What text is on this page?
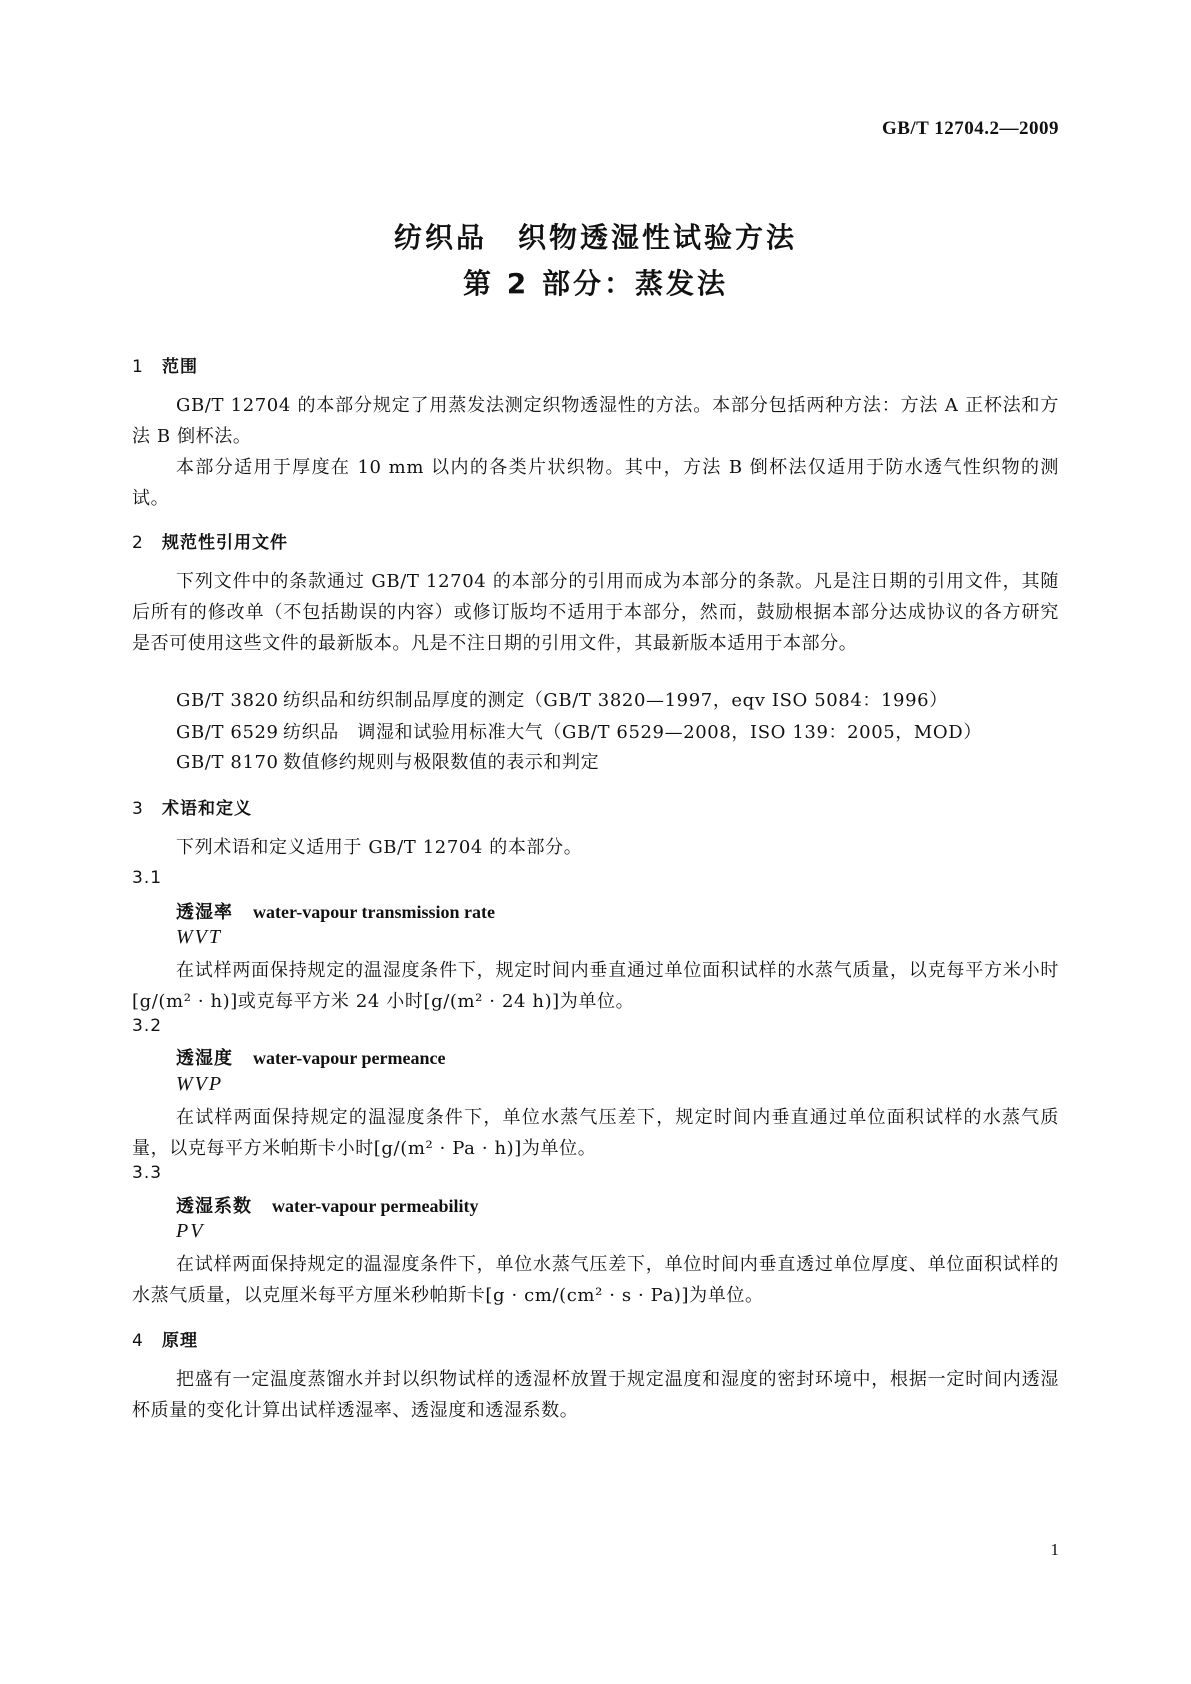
GB/T 12704.2—2009
纺织品　织物透湿性试验方法
第 2 部分：蒸发法
1 范围
GB/T 12704 的本部分规定了用蒸发法测定织物透湿性的方法。本部分包括两种方法：方法 A 正杯法和方法 B 倒杯法。
本部分适用于厚度在 10 mm 以内的各类片状织物。其中，方法 B 倒杯法仅适用于防水透气性织物的测试。
2 规范性引用文件
下列文件中的条款通过 GB/T 12704 的本部分的引用而成为本部分的条款。凡是注日期的引用文件，其随后所有的修改单（不包括勘误的内容）或修订版均不适用于本部分，然而，鼓励根据本部分达成协议的各方研究是否可使用这些文件的最新版本。凡是不注日期的引用文件，其最新版本适用于本部分。
GB/T 3820 纺织品和纺织制品厚度的测定（GB/T 3820—1997，eqv ISO 5084：1996）
GB/T 6529 纺织品　调湿和试验用标准大气（GB/T 6529—2008，ISO 139：2005，MOD）
GB/T 8170 数值修约规则与极限数值的表示和判定
3 术语和定义
下列术语和定义适用于 GB/T 12704 的本部分。
3.1
透湿率 water-vapour transmission rate
WVT
在试样两面保持规定的温湿度条件下，规定时间内垂直通过单位面积试样的水蒸气质量，以克每平方米小时[g/(m² · h)]或克每平方米 24 小时[g/(m² · 24 h)]为单位。
3.2
透湿度 water-vapour permeance
WVP
在试样两面保持规定的温湿度条件下，单位水蒸气压差下，规定时间内垂直通过单位面积试样的水蒸气质量，以克每平方米帕斯卡小时[g/(m² · Pa · h)]为单位。
3.3
透湿系数 water-vapour permeability
PV
在试样两面保持规定的温湿度条件下，单位水蒸气压差下，单位时间内垂直透过单位厚度、单位面积试样的水蒸气质量，以克厘米每平方厘米秒帕斯卡[g · cm/(cm² · s · Pa)]为单位。
4 原理
把盛有一定温度蒸馏水并封以织物试样的透湿杯放置于规定温度和湿度的密封环境中，根据一定时间内透湿杯质量的变化计算出试样透湿率、透湿度和透湿系数。
1
